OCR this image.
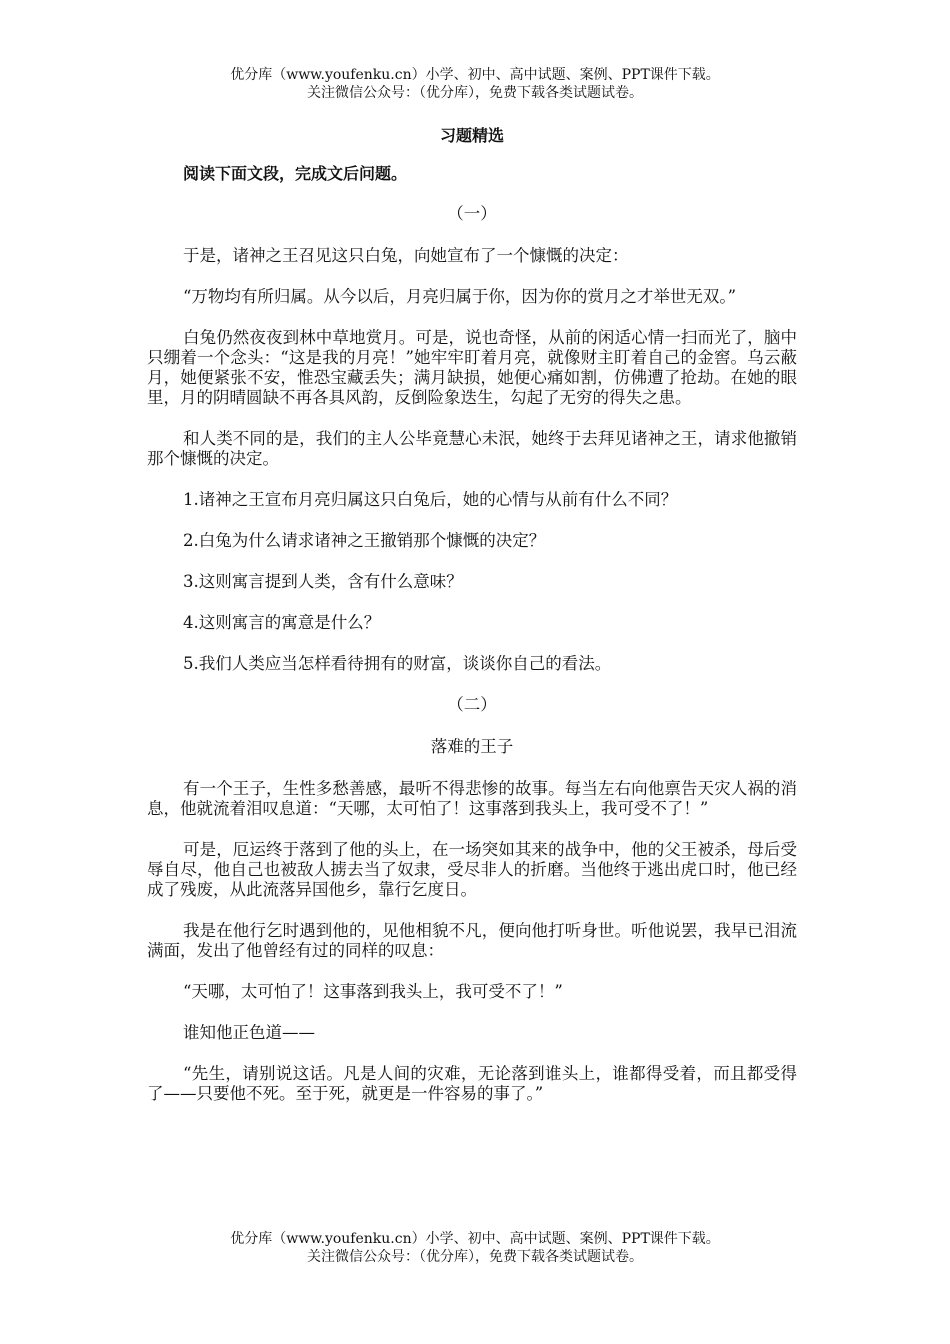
优分库（www.youfenku.cn）小学、初中、高中试题、案例、PPT课件下载。
关注微信公众号：（优分库），免费下载各类试题试卷。
习题精选
阅读下面文段，完成文后问题。
（一）

于是，诸神之王召见这只白兔，向她宣布了一个慷慨的决定：

“万物均有所归属。从今以后，月亮归属于你，因为你的赏月之才举世无双。”

白兔仍然夜夜到林中草地赏月。可是，说也奇怪，从前的闲适心情一扫而光了，脑中只绷着一个念头：“这是我的月亮！”她牢牢盯着月亮，就像财主盯着自己的金窖。乌云蔽月，她便紧张不安，惟恐宝藏丢失；满月缺损，她便心痛如割，仿佛遭了抢劫。在她的眼里，月的阴晴圆缺不再各具风韵，反倒险象迭生，勾起了无穷的得失之患。

和人类不同的是，我们的主人公毕竟慧心未泯，她终于去拜见诸神之王，请求他撤销那个慷慨的决定。

1.诸神之王宣布月亮归属这只白兔后，她的心情与从前有什么不同？

2.白兔为什么请求诸神之王撤销那个慷慨的决定？

3.这则寓言提到人类，含有什么意味？

4.这则寓言的寓意是什么？

5.我们人类应当怎样看待拥有的财富，谈谈你自己的看法。

（二）
落难的王子

有一个王子，生性多愁善感，最听不得悲惨的故事。每当左右向他禀告天灾人祸的消息，他就流着泪叹息道：“天哪，太可怕了！这事落到我头上，我可受不了！”

可是，厄运终于落到了他的头上，在一场突如其来的战争中，他的父王被杀，母后受辱自尽，他自己也被敌人掳去当了奴隶，受尽非人的折磨。当他终于逃出虎口时，他已经成了残废，从此流落异国他乡，靠行乞度日。

我是在他行乞时遇到他的，见他相貌不凡，便向他打听身世。听他说罢，我早已泪流满面，发出了他曾经有过的同样的叹息：

“天哪，太可怕了！这事落到我头上，我可受不了！”

谁知他正色道——

“先生，请别说这话。凡是人间的灾难，无论落到谁头上，谁都得受着，而且都受得了——只要他不死。至于死，就更是一件容易的事了。”

优分库（www.youfenku.cn）小学、初中、高中试题、案例、PPT课件下载。
关注微信公众号：（优分库），免费下载各类试题试卷。
